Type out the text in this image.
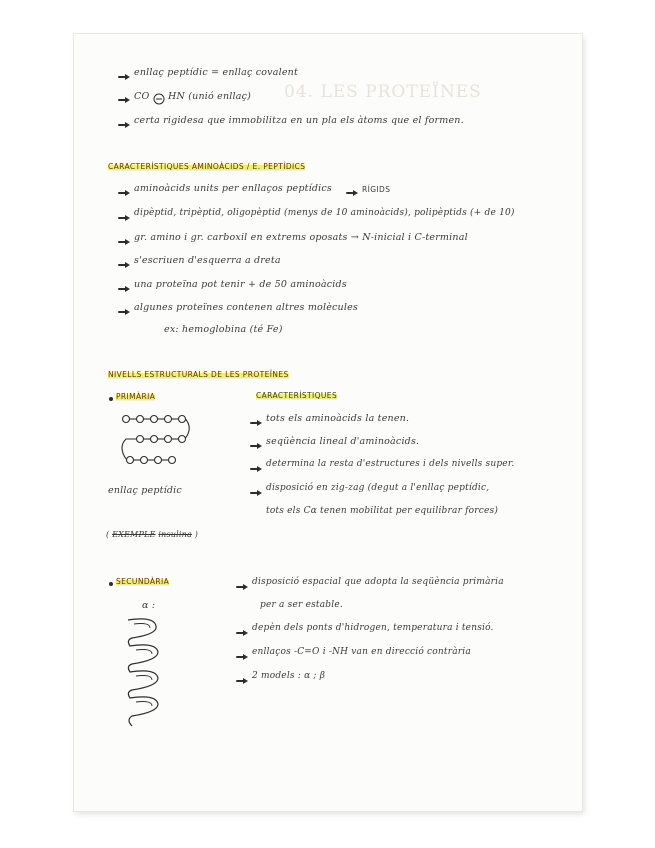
04. LES PROTEÏNES
enllaç peptídic = enllaç covalent
CO HN (unió enllaç)
certa rigidesa que immobilitza en un pla els àtoms que el formen.
CARACTERÍSTIQUES AMINOÀCIDS / E. PEPTÍDICS
aminoàcids units per enllaços peptídics	RÍGIDS
dipèptid, tripèptid, oligopèptid (menys de 10 aminoàcids), polipèptids (+ de 10)
gr. amino i gr. carboxil en extrems oposats → N-inicial i C-terminal
s'escriuen d'esquerra a dreta
una proteïna pot tenir + de 50 aminoàcids
algunes proteïnes contenen altres molècules
ex: hemoglobina (té Fe)
NIVELLS ESTRUCTURALS DE LES PROTEÏNES
PRIMÀRIA	CARACTERÍSTIQUES
enllaç peptídic
tots els aminoàcids la tenen.
seqüència lineal d'aminoàcids.
determina la resta d'estructures i dels nivells super.
disposició en zig-zag (degut a l'enllaç peptídic,
tots els Cα tenen mobilitat per equilibrar forces)
( EXEMPLE insulina )
SECUNDÀRIA
α :
disposició espacial que adopta la seqüència primària
per a ser estable.
depèn dels ponts d'hidrogen, temperatura i tensió.
enllaços -C=O i -NH van en direcció contrària
2 models : α ; β
